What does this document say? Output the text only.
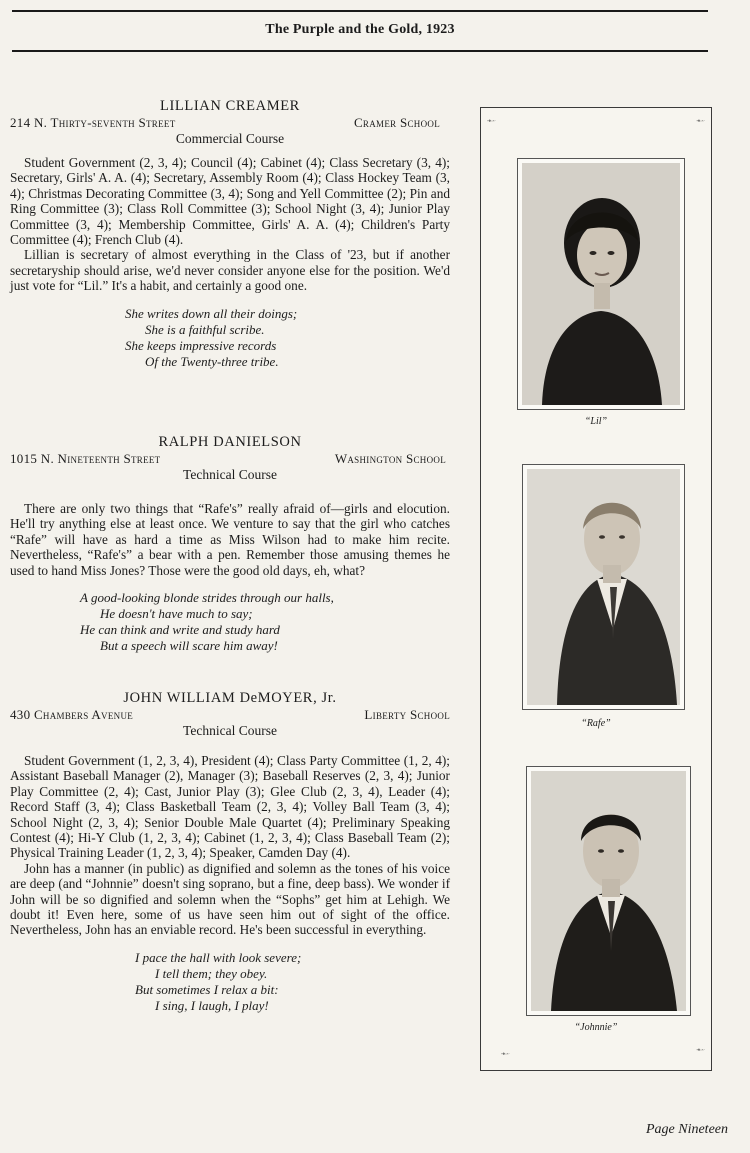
The Purple and the Gold, 1923
LILLIAN CREAMER
214 N. Thirty-seventh Street	Cramer School
Commercial Course

Student Government (2, 3, 4); Council (4); Cabinet (4); Class Secretary (3, 4); Secretary, Girls' A. A. (4); Secretary, Assembly Room (4); Class Hockey Team (3, 4); Christmas Decorating Committee (3, 4); Song and Yell Committee (2); Pin and Ring Committee (3); Class Roll Committee (3); School Night (3, 4); Junior Play Committee (3, 4); Membership Committee, Girls' A. A. (4); Children's Party Committee (4); French Club (4).

Lillian is secretary of almost everything in the Class of '23, but if another secretaryship should arise, we'd never consider anyone else for the position. We'd just vote for “Lil.” It's a habit, and certainly a good one.

She writes down all their doings;
She is a faithful scribe.
She keeps impressive records
Of the Twenty-three tribe.
RALPH DANIELSON
1015 N. Nineteenth Street	Washington School
Technical Course

There are only two things that “Rafe's” really afraid of—girls and elocution. He'll try anything else at least once. We venture to say that the girl who catches “Rafe” will have as hard a time as Miss Wilson had to make him recite. Nevertheless, “Rafe's” a bear with a pen. Remember those amusing themes he used to hand Miss Jones? Those were the good old days, eh, what?

A good-looking blonde strides through our halls,
He doesn't have much to say;
He can think and write and study hard
But a speech will scare him away!
JOHN WILLIAM DeMOYER, Jr.
430 Chambers Avenue	Liberty School
Technical Course

Student Government (1, 2, 3, 4), President (4); Class Party Committee (1, 2, 4); Assistant Baseball Manager (2), Manager (3); Baseball Reserves (2, 3, 4); Junior Play Committee (2, 4); Cast, Junior Play (3); Glee Club (2, 3, 4), Leader (4); Record Staff (3, 4); Class Basketball Team (2, 3, 4); Volley Ball Team (3, 4); School Night (2, 3, 4); Senior Double Male Quartet (4); Preliminary Speaking Contest (4); Hi-Y Club (1, 2, 3, 4); Cabinet (1, 2, 3, 4); Class Baseball Team (2); Physical Training Leader (1, 2, 3, 4); Speaker, Camden Day (4).

John has a manner (in public) as dignified and solemn as the tones of his voice are deep (and “Johnnie” doesn't sing soprano, but a fine, deep bass). We wonder if John will be so dignified and solemn when the “Sophs” get him at Lehigh. We doubt it! Even here, some of us have seen him out of sight of the office. Nevertheless, John has an enviable record. He's been successful in everything.

I pace the hall with look severe;
I tell them; they obey.
But sometimes I relax a bit:
I sing, I laugh, I play!
🙮	🙮
🙮	🙮
“Lil”
“Rafe”
“Johnnie”
Page Nineteen
